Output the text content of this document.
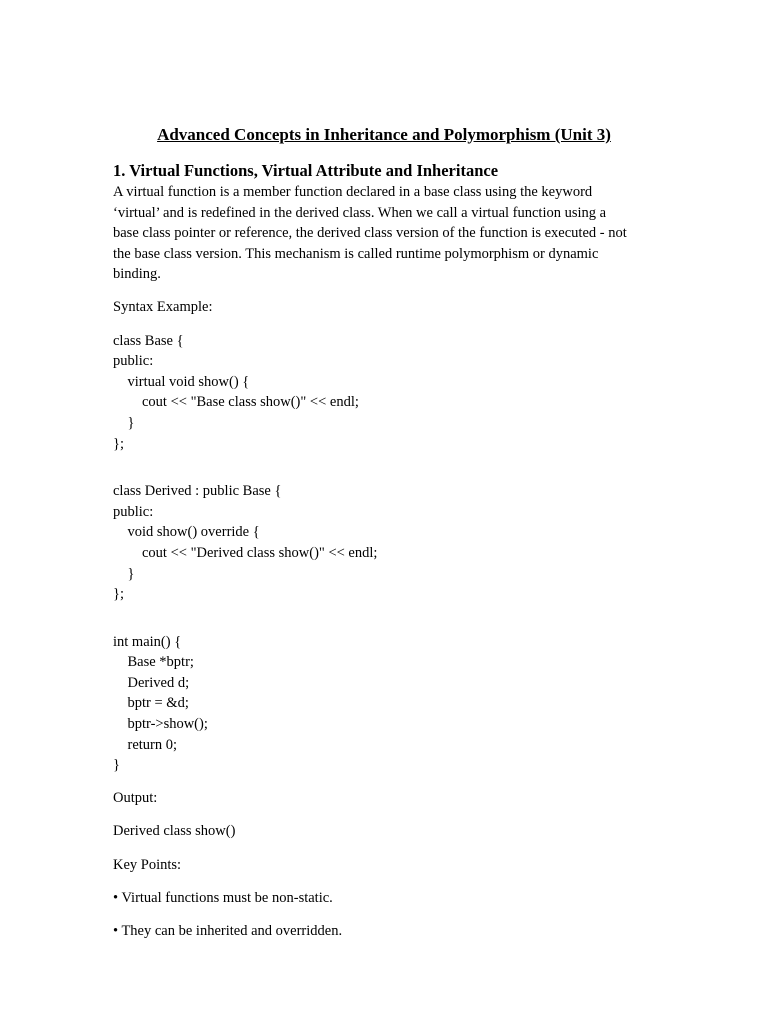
Advanced Concepts in Inheritance and Polymorphism (Unit 3)
1. Virtual Functions, Virtual Attribute and Inheritance
A virtual function is a member function declared in a base class using the keyword
‘virtual’ and is redefined in the derived class. When we call a virtual function using a
base class pointer or reference, the derived class version of the function is executed - not
the base class version. This mechanism is called runtime polymorphism or dynamic
binding.
Syntax Example:
class Base {
public:
virtual void show() {
cout << "Base class show()" << endl;
}
};
class Derived : public Base {
public:
void show() override {
cout << "Derived class show()" << endl;
}
};
int main() {
Base *bptr;
Derived d;
bptr = &d;
bptr->show();
return 0;
}
Output:
Derived class show()
Key Points:
• Virtual functions must be non-static.
• They can be inherited and overridden.
